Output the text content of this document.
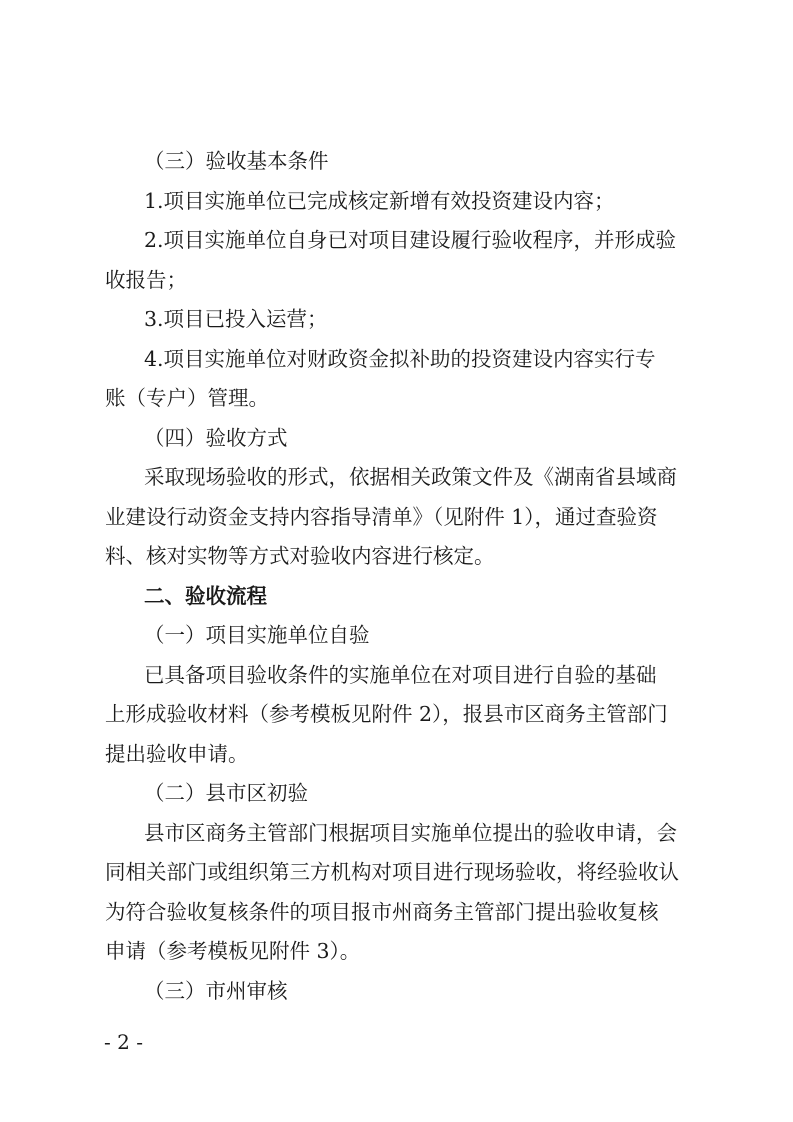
（三）验收基本条件
1.项目实施单位已完成核定新增有效投资建设内容；
2.项目实施单位自身已对项目建设履行验收程序，并形成验
收报告；
3.项目已投入运营；
4.项目实施单位对财政资金拟补助的投资建设内容实行专
账（专户）管理。
（四）验收方式
采取现场验收的形式，依据相关政策文件及《湖南省县域商
业建设行动资金支持内容指导清单》（见附件 1），通过查验资
料、核对实物等方式对验收内容进行核定。
二、验收流程
（一）项目实施单位自验
已具备项目验收条件的实施单位在对项目进行自验的基础
上形成验收材料（参考模板见附件 2），报县市区商务主管部门
提出验收申请。
（二）县市区初验
县市区商务主管部门根据项目实施单位提出的验收申请，会
同相关部门或组织第三方机构对项目进行现场验收，将经验收认
为符合验收复核条件的项目报市州商务主管部门提出验收复核
申请（参考模板见附件 3）。
（三）市州审核
- 2 -
